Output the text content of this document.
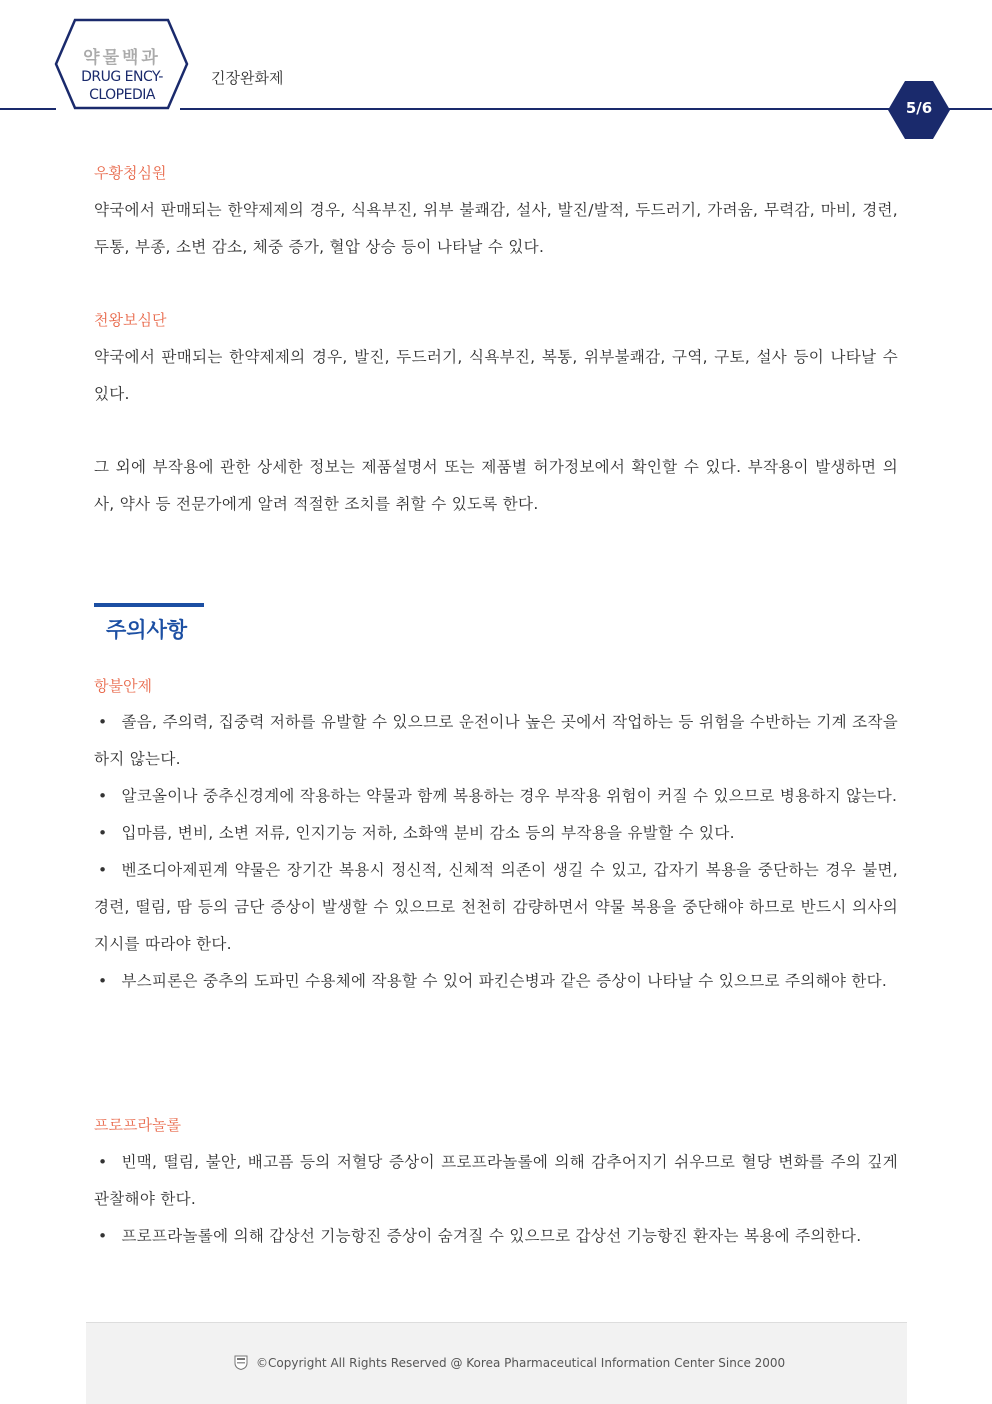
약물백과
DRUG ENCY-
CLOPEDIA
긴장완화제
5/6
우황청심원
약국에서 판매되는 한약제제의 경우, 식욕부진, 위부 불쾌감, 설사, 발진/발적, 두드러기, 가려움, 무력감, 마비, 경련, 두통, 부종, 소변 감소, 체중 증가, 혈압 상승 등이 나타날 수 있다.
천왕보심단
약국에서 판매되는 한약제제의 경우, 발진, 두드러기, 식욕부진, 복통, 위부불쾌감, 구역, 구토, 설사 등이 나타날 수 있다.
그 외에 부작용에 관한 상세한 정보는 제품설명서 또는 제품별 허가정보에서 확인할 수 있다. 부작용이 발생하면 의사, 약사 등 전문가에게 알려 적절한 조치를 취할 수 있도록 한다.
주의사항
항불안제
• 졸음, 주의력, 집중력 저하를 유발할 수 있으므로 운전이나 높은 곳에서 작업하는 등 위험을 수반하는 기계 조작을 하지 않는다.
• 알코올이나 중추신경계에 작용하는 약물과 함께 복용하는 경우 부작용 위험이 커질 수 있으므로 병용하지 않는다.
• 입마름, 변비, 소변 저류, 인지기능 저하, 소화액 분비 감소 등의 부작용을 유발할 수 있다.
• 벤조디아제핀계 약물은 장기간 복용시 정신적, 신체적 의존이 생길 수 있고, 갑자기 복용을 중단하는 경우 불면, 경련, 떨림, 땀 등의 금단 증상이 발생할 수 있으므로 천천히 감량하면서 약물 복용을 중단해야 하므로 반드시 의사의 지시를 따라야 한다.
• 부스피론은 중추의 도파민 수용체에 작용할 수 있어 파킨슨병과 같은 증상이 나타날 수 있으므로 주의해야 한다.
프로프라놀롤
• 빈맥, 떨림, 불안, 배고픔 등의 저혈당 증상이 프로프라놀롤에 의해 감추어지기 쉬우므로 혈당 변화를 주의 깊게 관찰해야 한다.
• 프로프라놀롤에 의해 갑상선 기능항진 증상이 숨겨질 수 있으므로 갑상선 기능항진 환자는 복용에 주의한다.
©Copyright All Rights Reserved @ Korea Pharmaceutical Information Center Since 2000
